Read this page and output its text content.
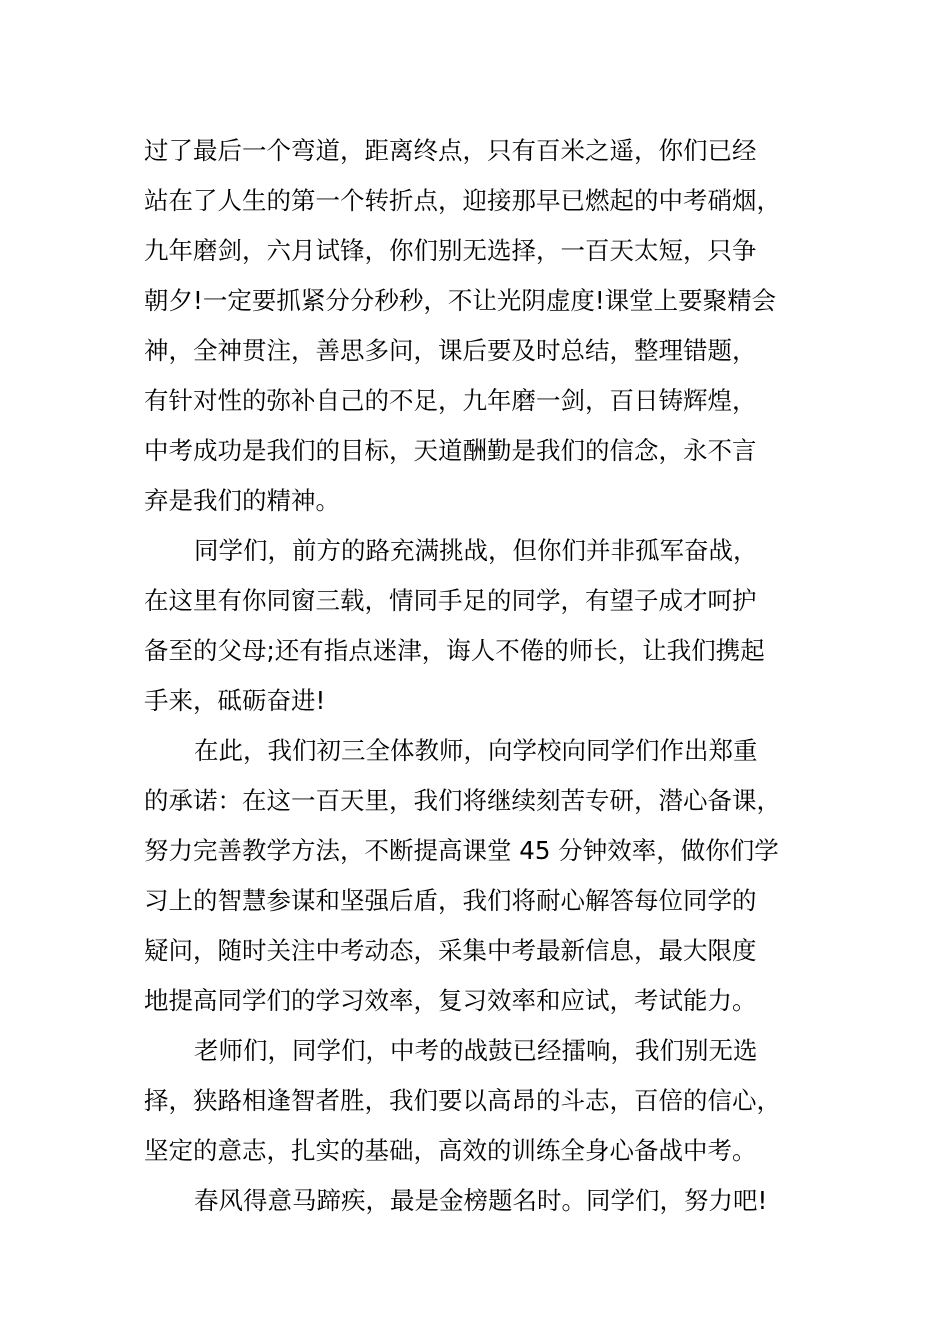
过了最后一个弯道，距离终点，只有百米之遥，你们已经
站在了人生的第一个转折点，迎接那早已燃起的中考硝烟，
九年磨剑，六月试锋，你们别无选择，一百天太短，只争
朝夕!一定要抓紧分分秒秒，不让光阴虚度!课堂上要聚精会
神，全神贯注，善思多问，课后要及时总结，整理错题，
有针对性的弥补自己的不足，九年磨一剑，百日铸辉煌，
中考成功是我们的目标，天道酬勤是我们的信念，永不言
弃是我们的精神。
同学们，前方的路充满挑战，但你们并非孤军奋战，
在这里有你同窗三载，情同手足的同学，有望子成才呵护
备至的父母;还有指点迷津，诲人不倦的师长，让我们携起
手来，砥砺奋进!
在此，我们初三全体教师，向学校向同学们作出郑重
的承诺：在这一百天里，我们将继续刻苦专研，潜心备课，
努力完善教学方法，不断提高课堂 45 分钟效率，做你们学
习上的智慧参谋和坚强后盾，我们将耐心解答每位同学的
疑问，随时关注中考动态，采集中考最新信息，最大限度
地提高同学们的学习效率，复习效率和应试，考试能力。
老师们，同学们，中考的战鼓已经擂响，我们别无选
择，狭路相逢智者胜，我们要以高昂的斗志，百倍的信心，
坚定的意志，扎实的基础，高效的训练全身心备战中考。
春风得意马蹄疾，最是金榜题名时。同学们，努力吧!
